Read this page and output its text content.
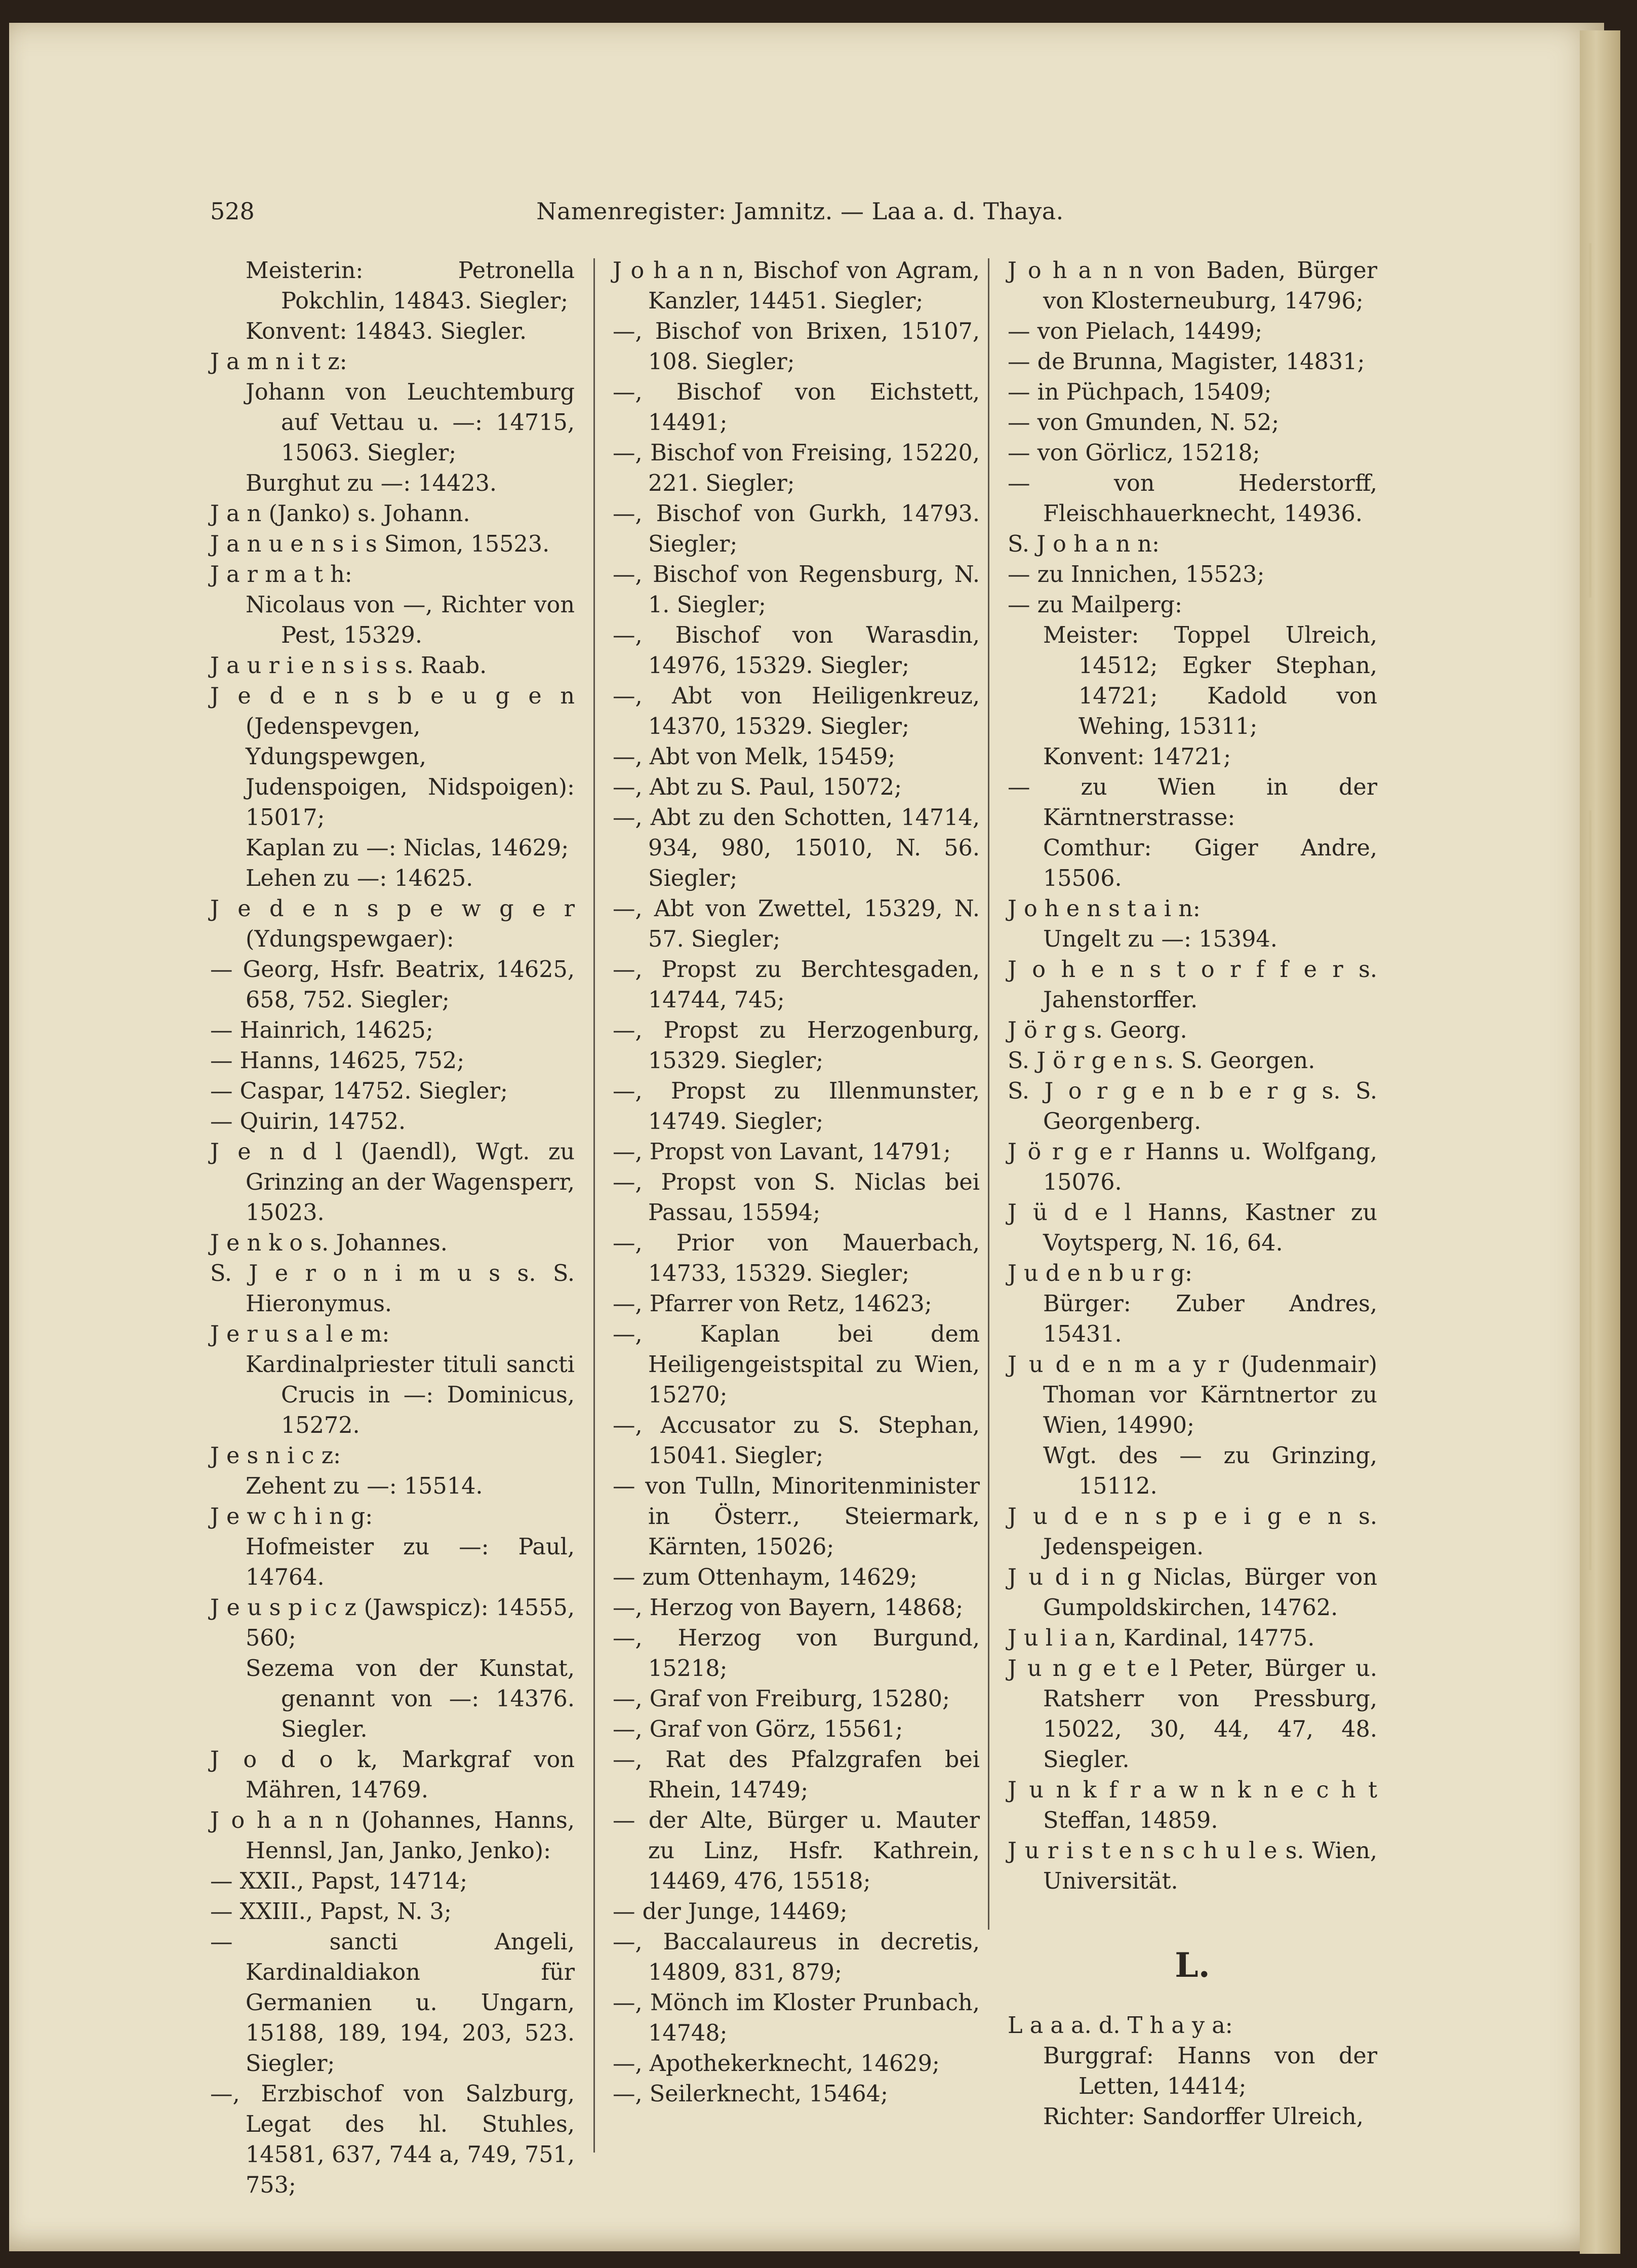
528	Namenregister: Jamnitz. — Laa a. d. Thaya.

Meisterin: Petronella Pokchlin, 14843. Siegler;

Konvent: 14843. Siegler.

J a m n i t z:

Johann von Leuchtemburg auf Vettau u. —: 14715, 15063. Siegler;

Burghut zu —: 14423.

J a n (Janko) s. Johann.

J a n u e n s i s Simon, 15523.

J a r m a t h:

Nicolaus von —, Richter von Pest, 15329.

J a u r i e n s i s s. Raab.

J e d e n s b e u g e n (Jedenspevgen, Ydungspewgen, Judenspoigen, Nidspoigen): 15017;

Kaplan zu —: Niclas, 14629;

Lehen zu —: 14625.

J e d e n s p e w g e r (Ydungspewgaer):

— Georg, Hsfr. Beatrix, 14625, 658, 752. Siegler;

— Hainrich, 14625;

— Hanns, 14625, 752;

— Caspar, 14752. Siegler;

— Quirin, 14752.

J e n d l (Jaendl), Wgt. zu Grinzing an der Wagensperr, 15023.

J e n k o s. Johannes.

S. J e r o n i m u s s. S. Hieronymus.

J e r u s a l e m:

Kardinalpriester tituli sancti Crucis in —: Dominicus, 15272.

J e s n i c z:

Zehent zu —: 15514.

J e w c h i n g:

Hofmeister zu —: Paul, 14764.

J e u s p i c z (Jawspicz): 14555, 560;

Sezema von der Kunstat, genannt von —: 14376. Siegler.

J o d o k, Markgraf von Mähren, 14769.

J o h a n n (Johannes, Hanns, Hennsl, Jan, Janko, Jenko):

— XXII., Papst, 14714;

— XXIII., Papst, N. 3;

— sancti Angeli, Kardinaldiakon für Germanien u. Ungarn, 15188, 189, 194, 203, 523. Siegler;

—, Erzbischof von Salzburg, Legat des hl. Stuhles, 14581, 637, 744 a, 749, 751, 753;

J o h a n n, Bischof von Agram, Kanzler, 14451. Siegler;

—, Bischof von Brixen, 15107, 108. Siegler;

—, Bischof von Eichstett, 14491;

—, Bischof von Freising, 15220, 221. Siegler;

—, Bischof von Gurkh, 14793. Siegler;

—, Bischof von Regensburg, N. 1. Siegler;

—, Bischof von Warasdin, 14976, 15329. Siegler;

—, Abt von Heiligenkreuz, 14370, 15329. Siegler;

—, Abt von Melk, 15459;

—, Abt zu S. Paul, 15072;

—, Abt zu den Schotten, 14714, 934, 980, 15010, N. 56. Siegler;

—, Abt von Zwettel, 15329, N. 57. Siegler;

—, Propst zu Berchtesgaden, 14744, 745;

—, Propst zu Herzogenburg, 15329. Siegler;

—, Propst zu Illenmunster, 14749. Siegler;

—, Propst von Lavant, 14791;

—, Propst von S. Niclas bei Passau, 15594;

—, Prior von Mauerbach, 14733, 15329. Siegler;

—, Pfarrer von Retz, 14623;

—, Kaplan bei dem Heiligengeistspital zu Wien, 15270;

—, Accusator zu S. Stephan, 15041. Siegler;

— von Tulln, Minoritenminister in Österr., Steiermark, Kärnten, 15026;

— zum Ottenhaym, 14629;

—, Herzog von Bayern, 14868;

—, Herzog von Burgund, 15218;

—, Graf von Freiburg, 15280;

—, Graf von Görz, 15561;

—, Rat des Pfalzgrafen bei Rhein, 14749;

— der Alte, Bürger u. Mauter zu Linz, Hsfr. Kathrein, 14469, 476, 15518;

— der Junge, 14469;

—, Baccalaureus in decretis, 14809, 831, 879;

—, Mönch im Kloster Prunbach, 14748;

—, Apothekerknecht, 14629;

—, Seilerknecht, 15464;

J o h a n n von Baden, Bürger von Klosterneuburg, 14796;

— von Pielach, 14499;

— de Brunna, Magister, 14831;

— in Püchpach, 15409;

— von Gmunden, N. 52;

— von Görlicz, 15218;

— von Hederstorff, Fleischhauerknecht, 14936.

S. J o h a n n:

— zu Innichen, 15523;

— zu Mailperg:

Meister: Toppel Ulreich, 14512; Egker Stephan, 14721; Kadold von Wehing, 15311;

Konvent: 14721;

— zu Wien in der Kärntnerstrasse:

Comthur: Giger Andre, 15506.

J o h e n s t a i n:

Ungelt zu —: 15394.

J o h e n s t o r f f e r s. Jahenstorffer.

J ö r g s. Georg.

S. J ö r g e n s. S. Georgen.

S. J o r g e n b e r g s. S. Georgenberg.

J ö r g e r Hanns u. Wolfgang, 15076.

J ü d e l Hanns, Kastner zu Voytsperg, N. 16, 64.

J u d e n b u r g:

Bürger: Zuber Andres, 15431.

J u d e n m a y r (Judenmair) Thoman vor Kärntnertor zu Wien, 14990;

Wgt. des — zu Grinzing, 15112.

J u d e n s p e i g e n s. Jedenspeigen.

J u d i n g Niclas, Bürger von Gumpoldskirchen, 14762.

J u l i a n, Kardinal, 14775.

J u n g e t e l Peter, Bürger u. Ratsherr von Pressburg, 15022, 30, 44, 47, 48. Siegler.

J u n k f r a w n k n e c h t Steffan, 14859.

J u r i s t e n s c h u l e s. Wien, Universität.

L.

L a a a. d. T h a y a:

Burggraf: Hanns von der Letten, 14414;

Richter: Sandorffer Ulreich,
